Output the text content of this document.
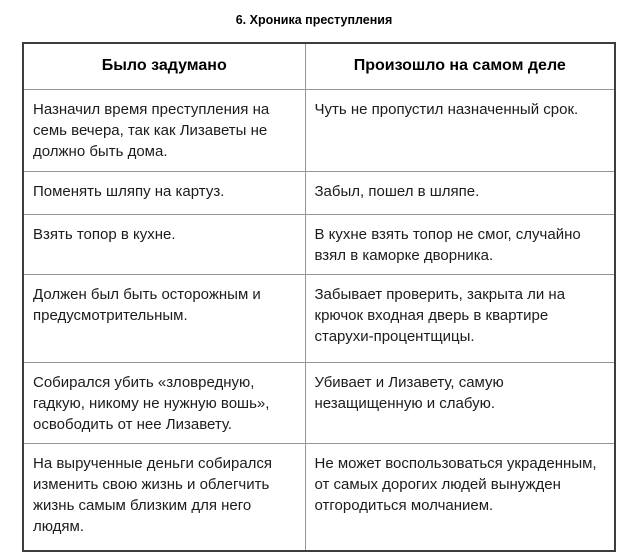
6. Хроника преступления
Было задумано	Произошло на самом деле
Назначил время преступления на семь вечера, так как Лизаветы не должно быть дома.	Чуть не пропустил назначенный срок.
Поменять шляпу на картуз.	Забыл, пошел в шляпе.
Взять топор в кухне.	В кухне взять топор не смог, случайно взял в каморке дворника.
Должен был быть осторожным и предусмотрительным.	Забывает проверить, закрыта ли на крючок входная дверь в квартире старухи-процентщицы.
Собирался убить «зловредную, гадкую, никому не нужную вошь», освободить от нее Лизавету.	Убивает и Лизавету, самую незащищенную и слабую.
На вырученные деньги собирался изменить свою жизнь и облегчить жизнь самым близким для него людям.	Не может воспользоваться украденным, от самых дорогих людей вынужден отгородиться молчанием.
